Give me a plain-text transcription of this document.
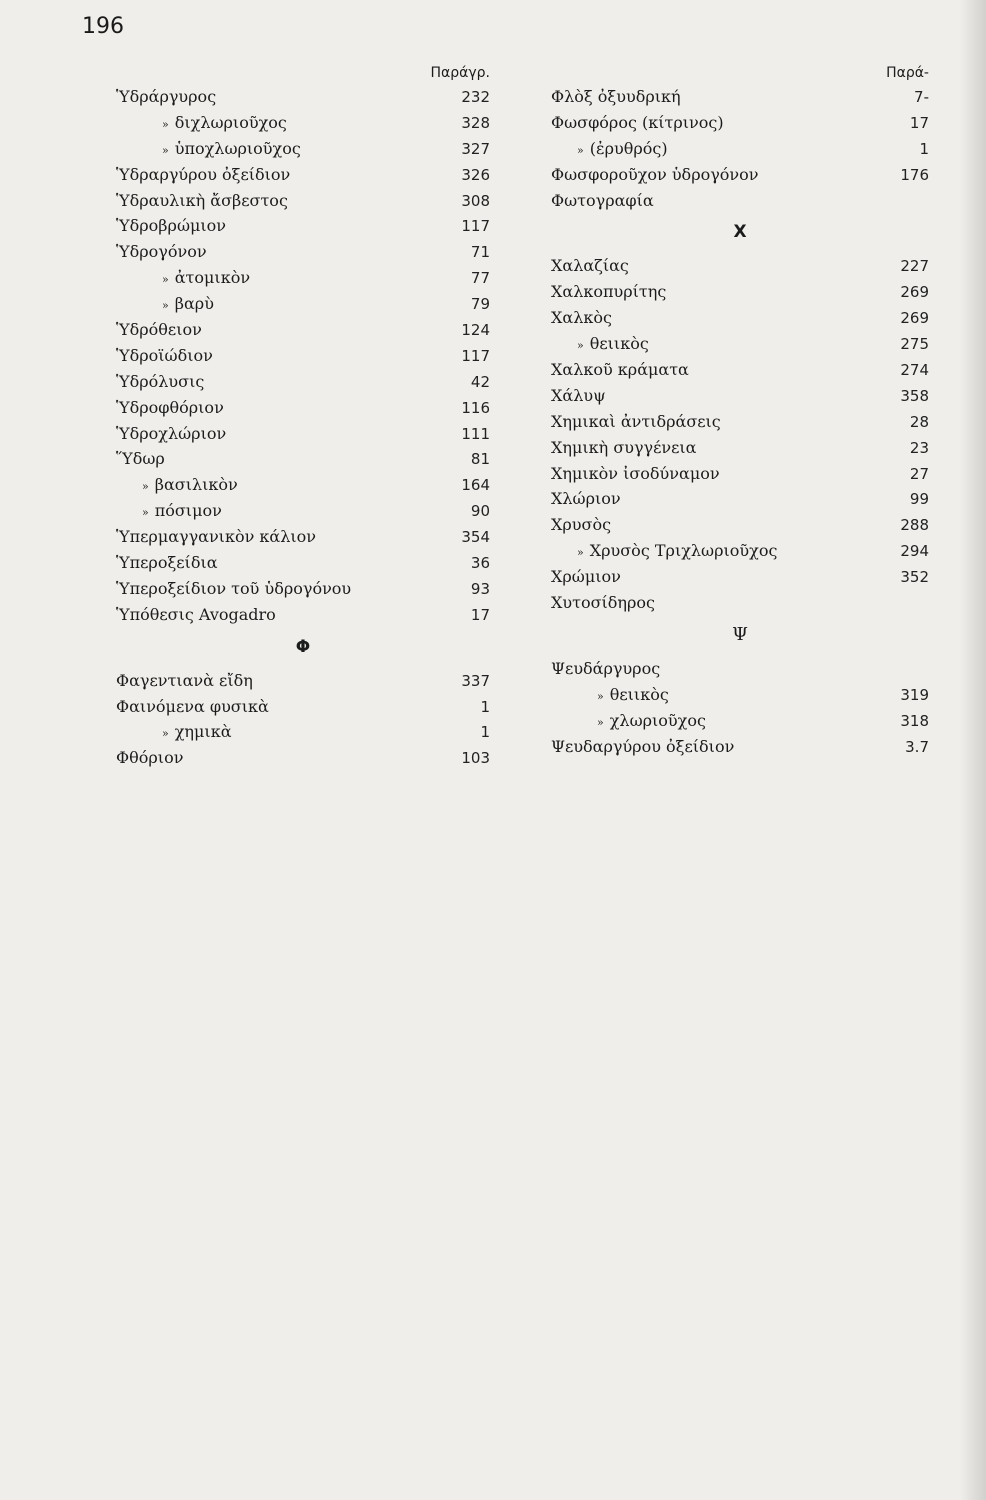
196
Παράγρ.
Ὑδράργυρος	232
» διχλωριοῦχος	328
» ὑποχλωριοῦχος	327
Ὑδραργύρου ὀξείδιον	326
Ὑδραυλικὴ ἄσβεστος	308
Ὑδροβρώμιον	117
Ὑδρογόνον	71
» ἀτομικὸν	77
» βαρὺ	79
Ὑδρόθειον	124
Ὑδροϊώδιον	117
Ὑδρόλυσις	42
Ὑδροφθόριον	116
Ὑδροχλώριον	111
Ὕδωρ	81
» βασιλικὸν	164
» πόσιμον	90
Ὑπερμαγγανικὸν κάλιον	354
Ὑπεροξείδια	36
Ὑπεροξείδιον τοῦ ὑδρογόνου	93
Ὑπόθεσις Avogadro	17
Φ
Φαγεντιανὰ εἴδη	337
Φαινόμενα φυσικὰ	1
» χημικὰ	1
Φθόριον	103
Παρά-
Φλὸξ ὀξυυδρική	7-
Φωσφόρος (κίτρινος)	17
» (ἐρυθρός)	1
Φωσφοροῦχον ὑδρογόνον	176
Φωτογραφία
Χ
Χαλαζίας	227
Χαλκοπυρίτης	269
Χαλκὸς	269
» θειικὸς	275
Χαλκοῦ κράματα	274
Χάλυψ	358
Χημικαὶ ἀντιδράσεις	28
Χημικὴ συγγένεια	23
Χημικὸν ἰσοδύναμον	27
Χλώριον	99
Χρυσὸς	288
» Χρυσὸς Τριχλωριοῦχος	294
Χρώμιον	352
Χυτοσίδηρος
Ψ
Ψευδάργυρος
» θειικὸς	319
» χλωριοῦχος	318
Ψευδαργύρου ὀξείδιον	3.7
